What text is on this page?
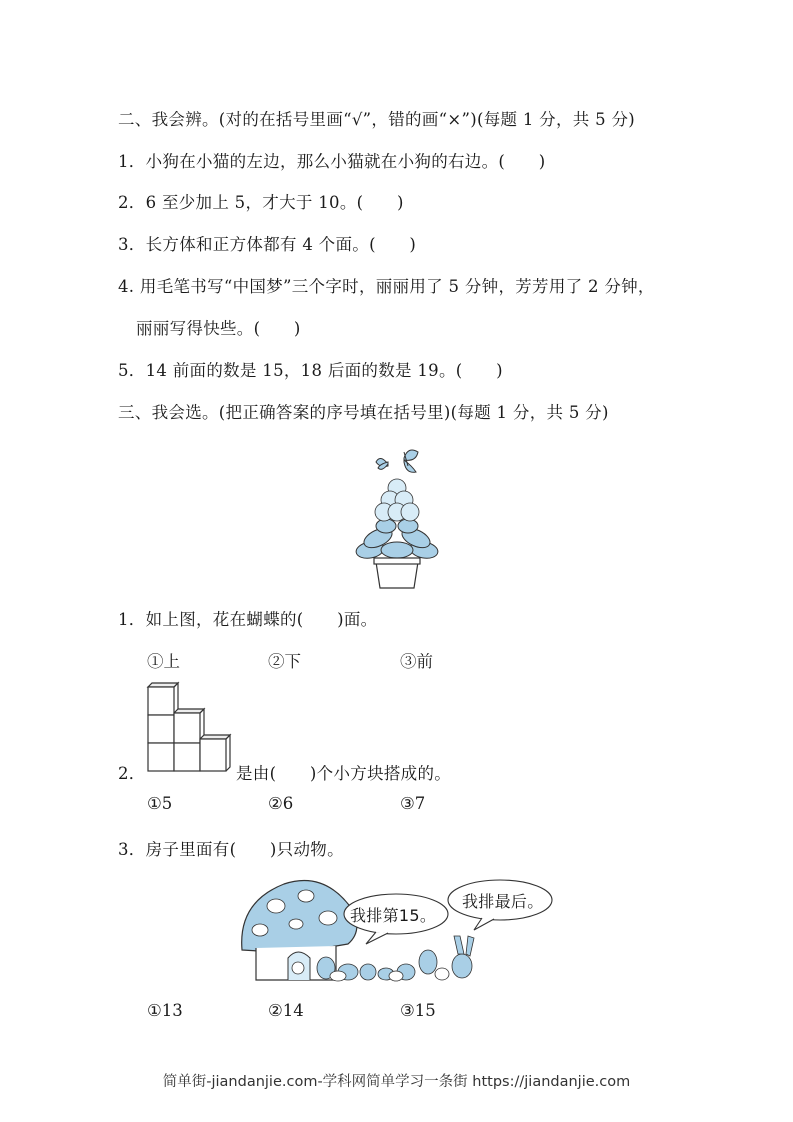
二、我会辨。(对的在括号里画“√”，错的画“×”)(每题 1 分，共 5 分)
1．小狗在小猫的左边，那么小猫就在小狗的右边。(　　)
2．6 至少加上 5，才大于 10。(　　)
3．长方体和正方体都有 4 个面。(　　)
4. 用毛笔书写“中国梦”三个字时，丽丽用了 5 分钟，芳芳用了 2 分钟，
丽丽写得快些。(　　)
5．14 前面的数是 15，18 后面的数是 19。(　　)
三、我会选。(把正确答案的序号填在括号里)(每题 1 分，共 5 分)
1．如上图，花在蝴蝶的(　　)面。
①上	②下	③前
2．	是由(　　)个小方块搭成的。
①5	②6	③7
3．房子里面有(　　)只动物。
我排第15。
我排最后。
①13	②14	③15
简单街-jiandanjie.com-学科网简单学习一条街 https://jiandanjie.com
